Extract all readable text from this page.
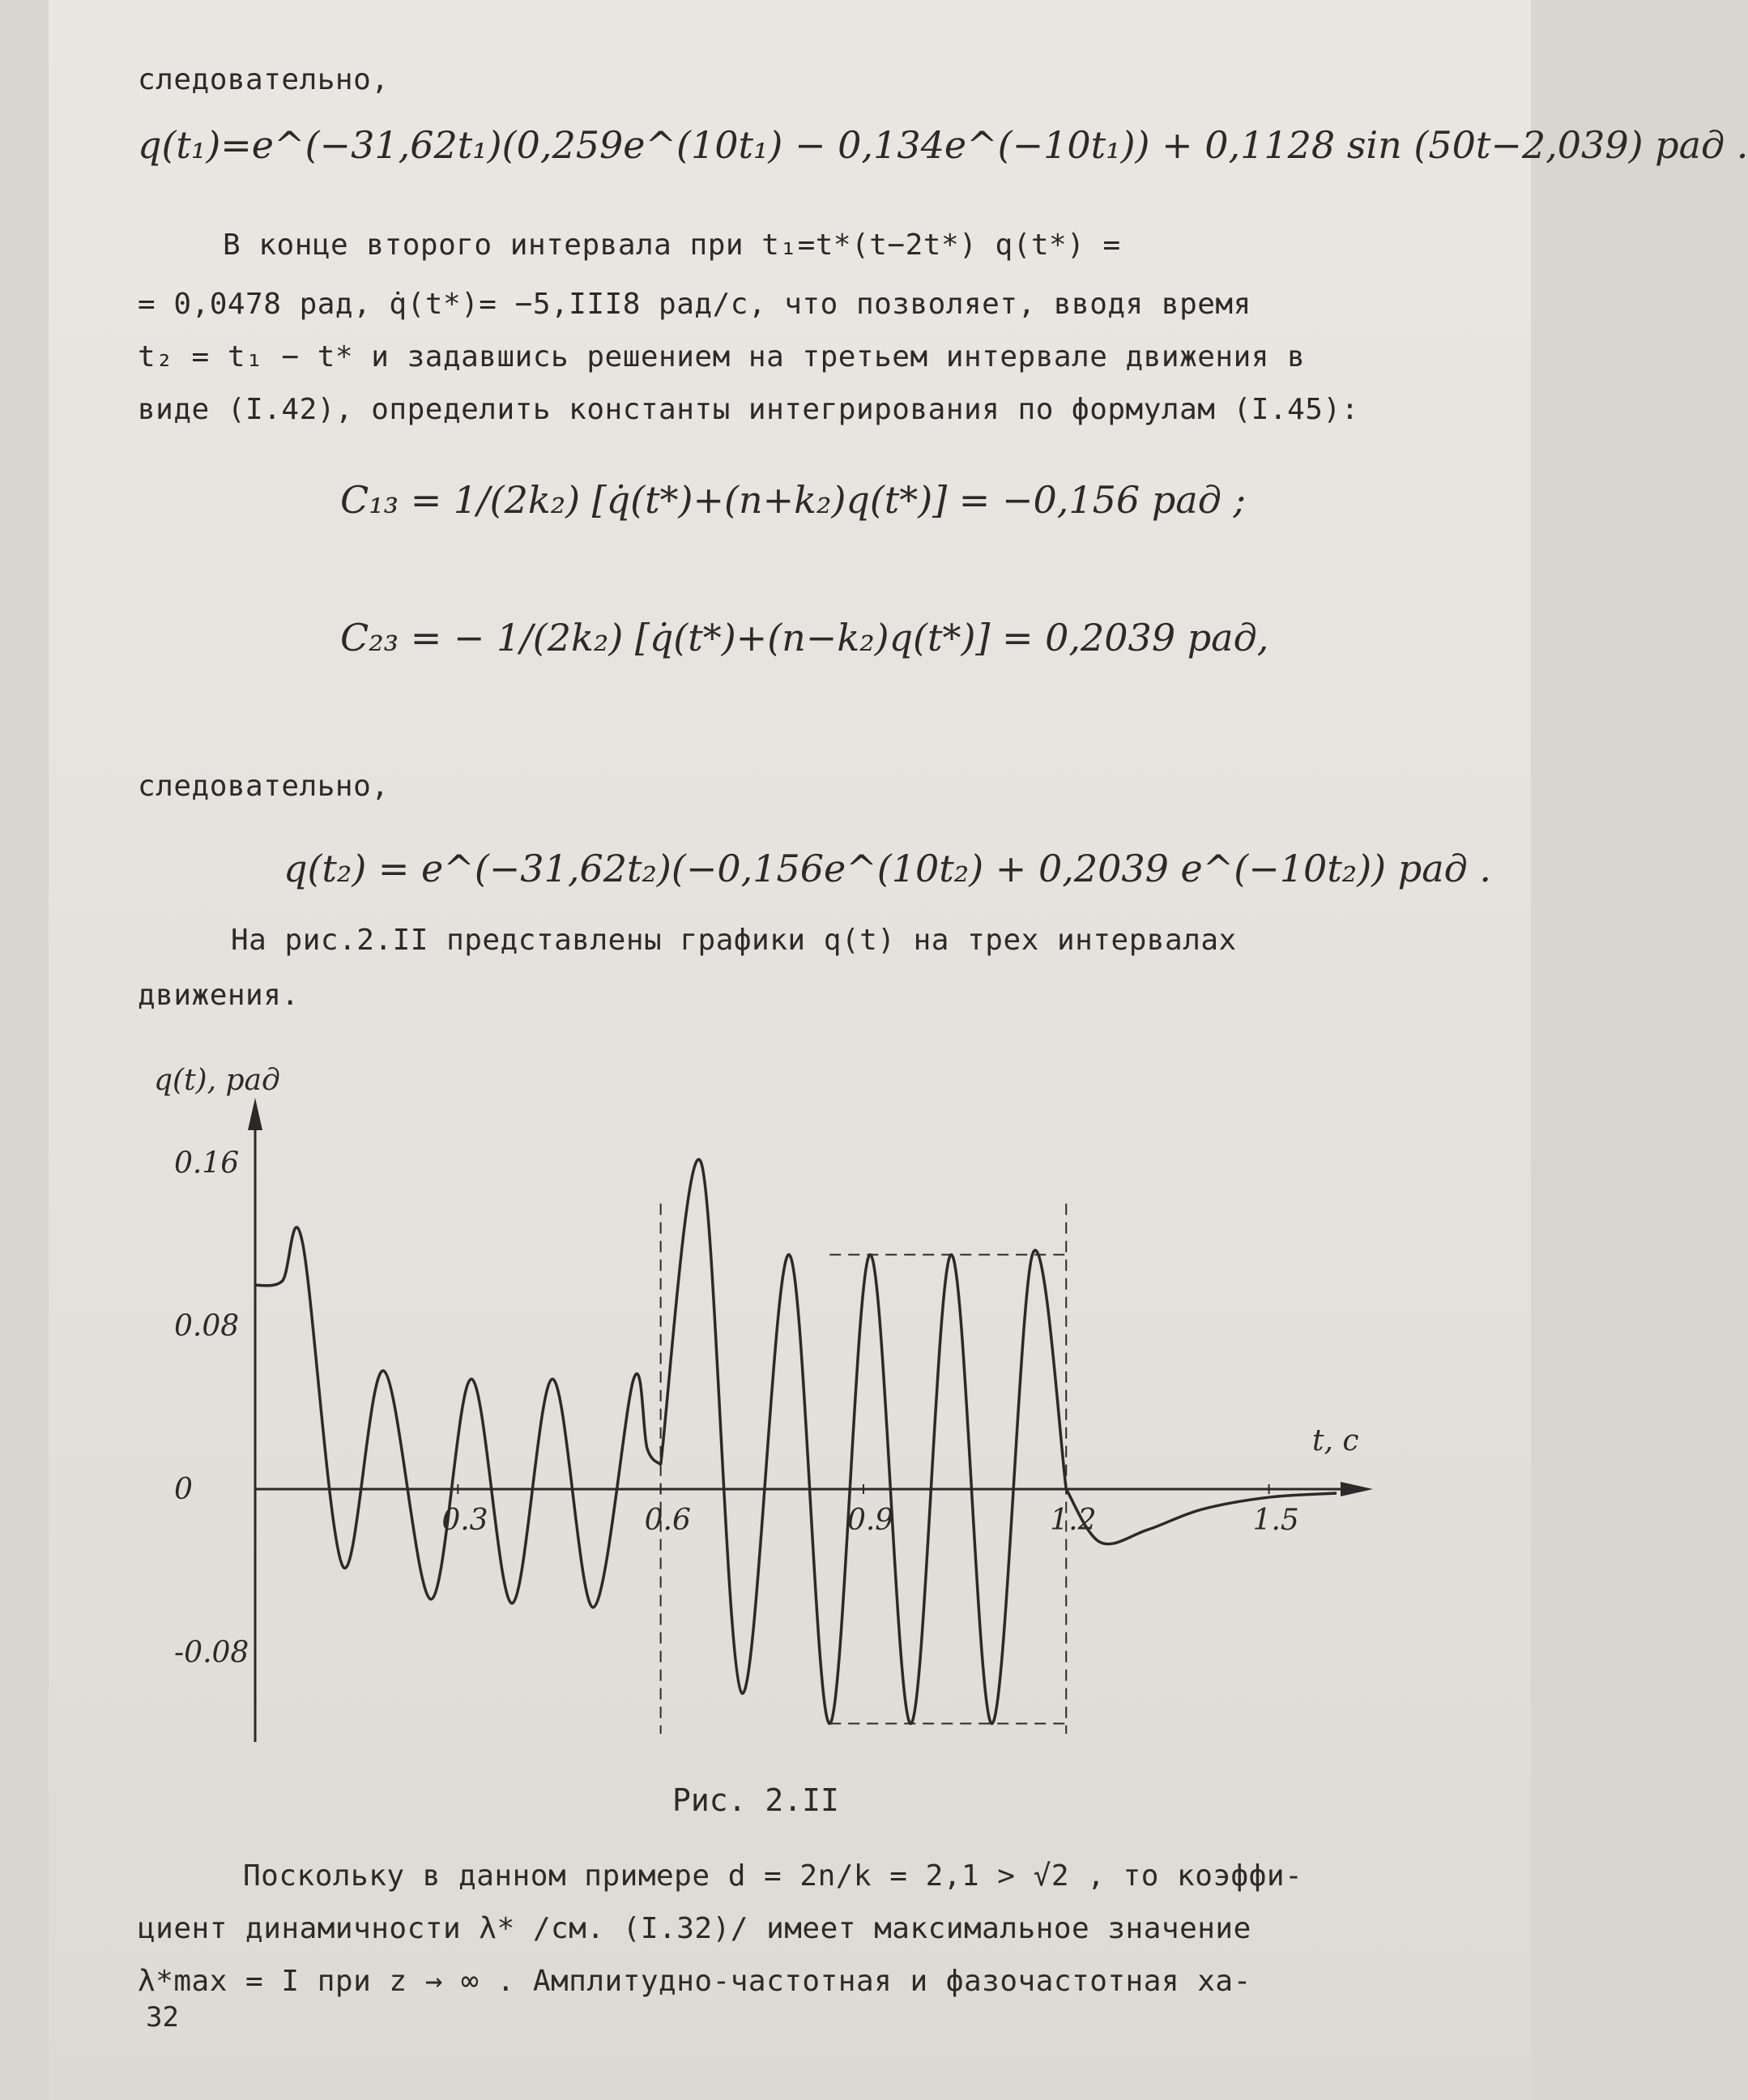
следовательно,
q(t₁)=e^(−31,62t₁)(0,259e^(10t₁) − 0,134e^(−10t₁)) + 0,1128 sin (50t−2,039) рад .
В конце второго интервала при t₁=t*(t−2t*) q(t*) =
= 0,0478 рад, q̇(t*)= −5,III8 рад/с, что позволяет, вводя время
t₂ = t₁ − t* и задавшись решением на третьем интервале движения в
виде (I.42), определить константы интегрирования по формулам (I.45):
C₁₃ = 1/(2k₂) [q̇(t*)+(n+k₂)q(t*)] = −0,156 рад ;
C₂₃ = − 1/(2k₂) [q̇(t*)+(n−k₂)q(t*)] = 0,2039 рад,
следовательно,
q(t₂) = e^(−31,62t₂)(−0,156e^(10t₂) + 0,2039 e^(−10t₂)) рад .
На рис.2.II представлены графики q(t) на трех интервалах
движения.
0.16
0.08
0
-0.08
0.3	0.6	0.9	1.2	1.5
q(t), рад
t, c
Рис. 2.II
Поскольку в данном примере d = 2n/k = 2,1 > √2 , то коэффи-
циент динамичности λ* /см. (I.32)/ имеет максимальное значение
λ*max = I при z → ∞ . Амплитудно-частотная и фазочастотная ха-
32
